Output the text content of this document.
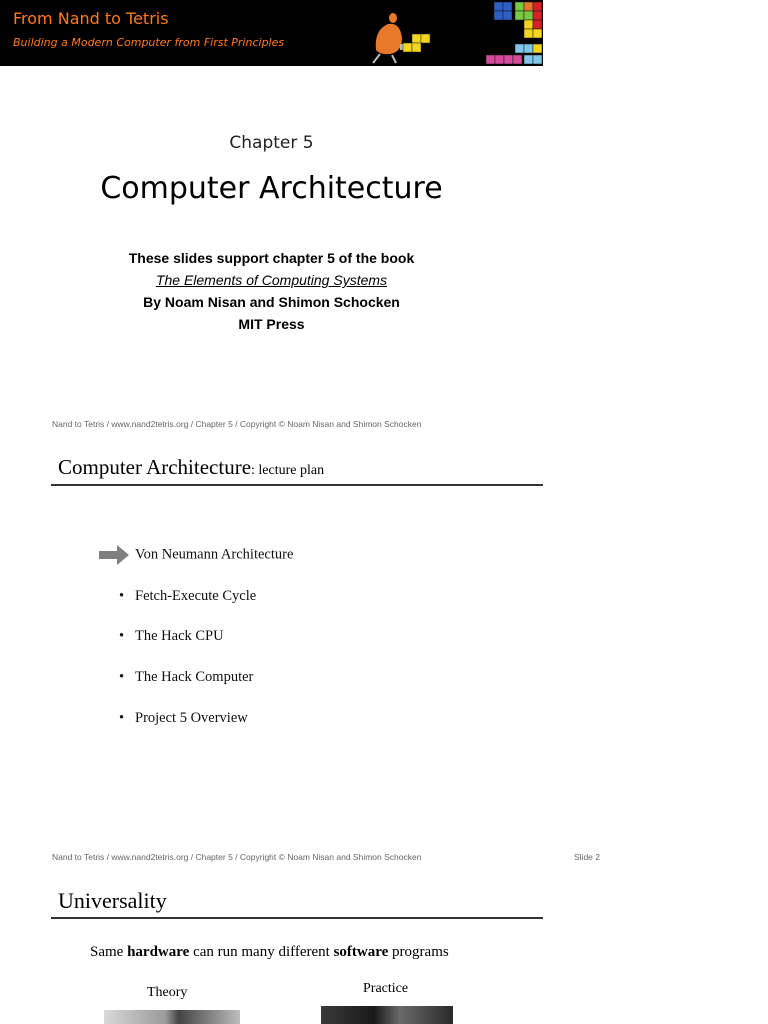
From Nand to Tetris
Building a Modern Computer from First Principles
Chapter 5
Computer Architecture
These slides support chapter 5 of the book
The Elements of Computing Systems
By Noam Nisan and Shimon Schocken
MIT Press
Nand to Tetris / www.nand2tetris.org / Chapter 5 / Copyright © Noam Nisan and Shimon Schocken
Computer Architecture: lecture plan
Von Neumann Architecture
• Fetch-Execute Cycle
• The Hack CPU
• The Hack Computer
• Project 5 Overview
Nand to Tetris / www.nand2tetris.org / Chapter 5 / Copyright © Noam Nisan and Shimon Schocken	Slide 2
Universality
Same hardware can run many different software programs
Theory	Practice
